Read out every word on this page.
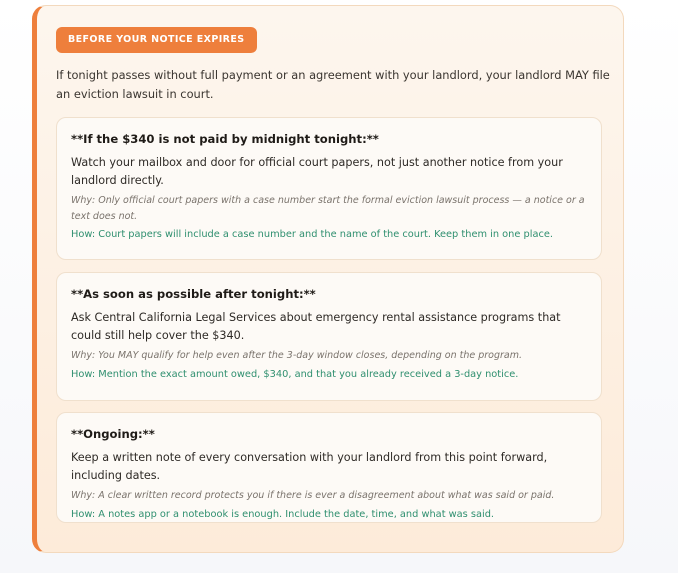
BEFORE YOUR NOTICE EXPIRES

If tonight passes without full payment or an agreement with your landlord, your landlord MAY file an eviction lawsuit in court.

**If the $340 is not paid by midnight tonight:**

Watch your mailbox and door for official court papers, not just another notice from your landlord directly.

Why: Only official court papers with a case number start the formal eviction lawsuit process — a notice or a text does not.

How: Court papers will include a case number and the name of the court. Keep them in one place.

**As soon as possible after tonight:**

Ask Central California Legal Services about emergency rental assistance programs that could still help cover the $340.

Why: You MAY qualify for help even after the 3-day window closes, depending on the program.

How: Mention the exact amount owed, $340, and that you already received a 3-day notice.

**Ongoing:**

Keep a written note of every conversation with your landlord from this point forward, including dates.

Why: A clear written record protects you if there is ever a disagreement about what was said or paid.

How: A notes app or a notebook is enough. Include the date, time, and what was said.
